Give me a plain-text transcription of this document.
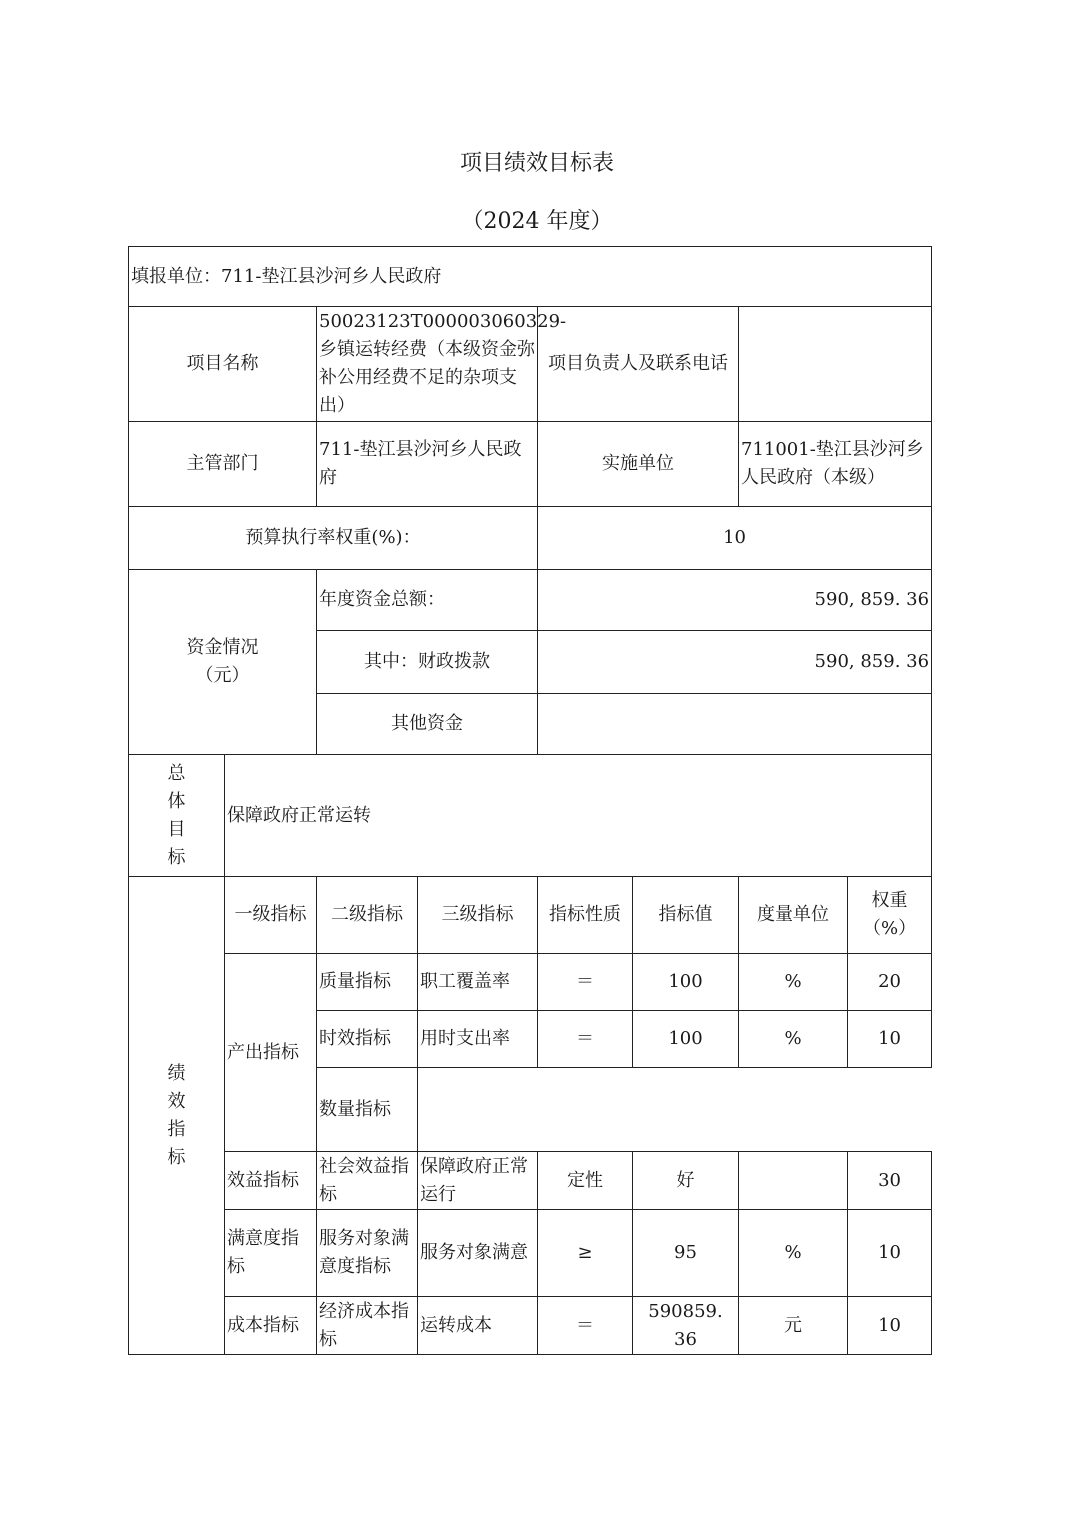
项目绩效目标表
（2024 年度）
填报单位：711-垫江县沙河乡人民政府							
项目名称		50023123T000003060329-乡镇运转经费（本级资金弥补公用经费不足的杂项支出）		项目负责人及联系电话			
主管部门		711-垫江县沙河乡人民政府		实施单位		711001-垫江县沙河乡人民政府（本级）	
预算执行率权重(%)：				10			
资金情况（元）		年度资金总额：		590, 859. 36			
		其中：财政拨款		590, 859. 36			
		其他资金					

总
体
目
标	保障政府正常运转						

绩
效
指
标	一级指标	二级指标	三级指标	指标性质	指标值	度量单位	权重（%）
	产出指标	质量指标	职工覆盖率	＝	100	%	20
		时效指标	用时支出率	＝	100	%	10
		数量指标					
	效益指标	社会效益指标	保障政府正常运行	定性	好		30
	满意度指标	服务对象满意度指标	服务对象满意	≥	95	%	10
	成本指标	经济成本指标	运转成本	＝	590859. 36	元	10
